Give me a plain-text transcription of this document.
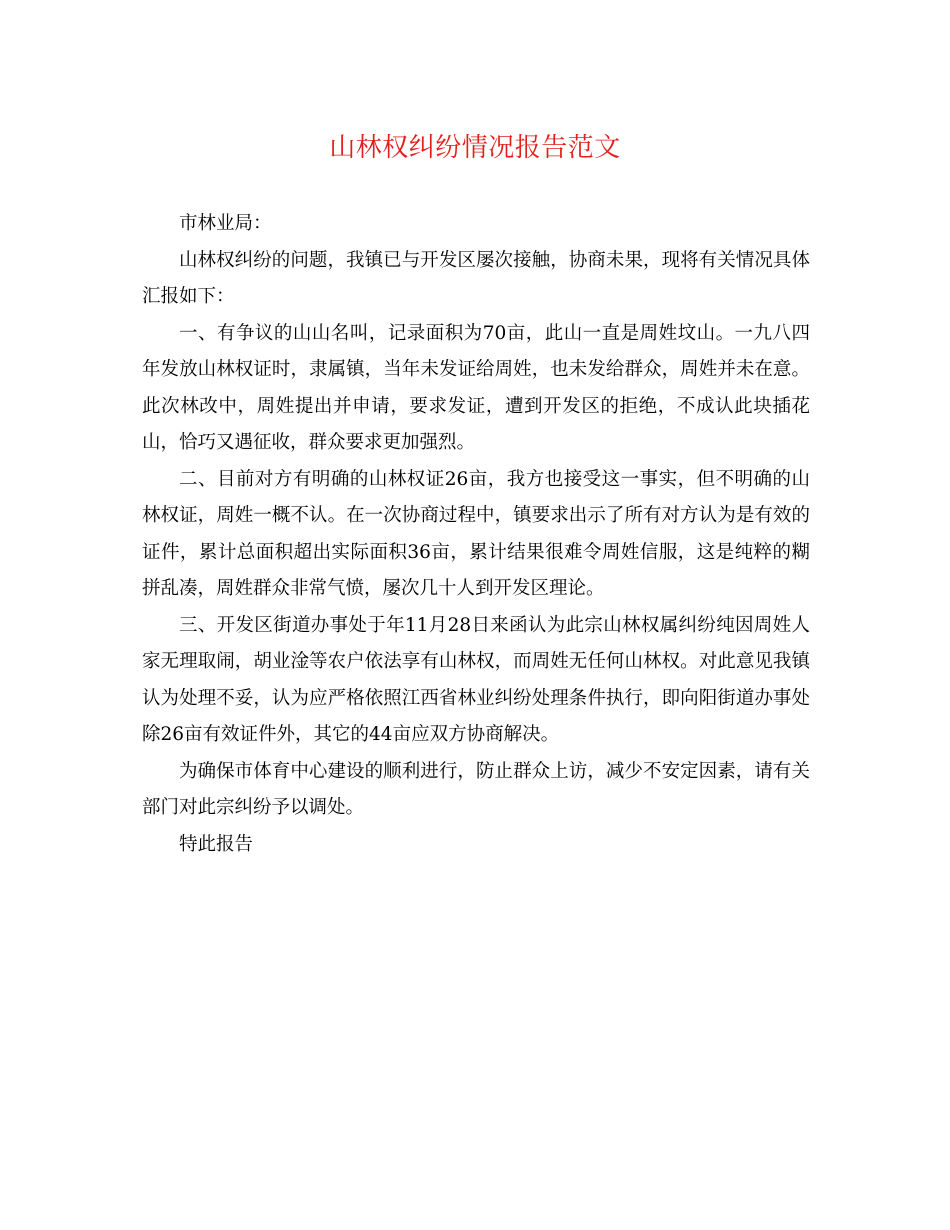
山林权纠纷情况报告范文

市林业局：

山林权纠纷的问题，我镇已与开发区屡次接触，协商未果，现将有关情况具体汇报如下：

一、有争议的山山名叫，记录面积为70亩，此山一直是周姓坟山。一九八四年发放山林权证时，隶属镇，当年未发证给周姓，也未发给群众，周姓并未在意。此次林改中，周姓提出并申请，要求发证，遭到开发区的拒绝，不成认此块插花山，恰巧又遇征收，群众要求更加强烈。

二、目前对方有明确的山林权证26亩，我方也接受这一事实，但不明确的山林权证，周姓一概不认。在一次协商过程中，镇要求出示了所有对方认为是有效的证件，累计总面积超出实际面积36亩，累计结果很难令周姓信服，这是纯粹的糊拼乱凑，周姓群众非常气愤，屡次几十人到开发区理论。

三、开发区街道办事处于年11月28日来函认为此宗山林权属纠纷纯因周姓人家无理取闹，胡业淦等农户依法享有山林权，而周姓无任何山林权。对此意见我镇认为处理不妥，认为应严格依照江西省林业纠纷处理条件执行，即向阳街道办事处除26亩有效证件外，其它的44亩应双方协商解决。

为确保市体育中心建设的顺利进行，防止群众上访，减少不安定因素，请有关部门对此宗纠纷予以调处。

特此报告
